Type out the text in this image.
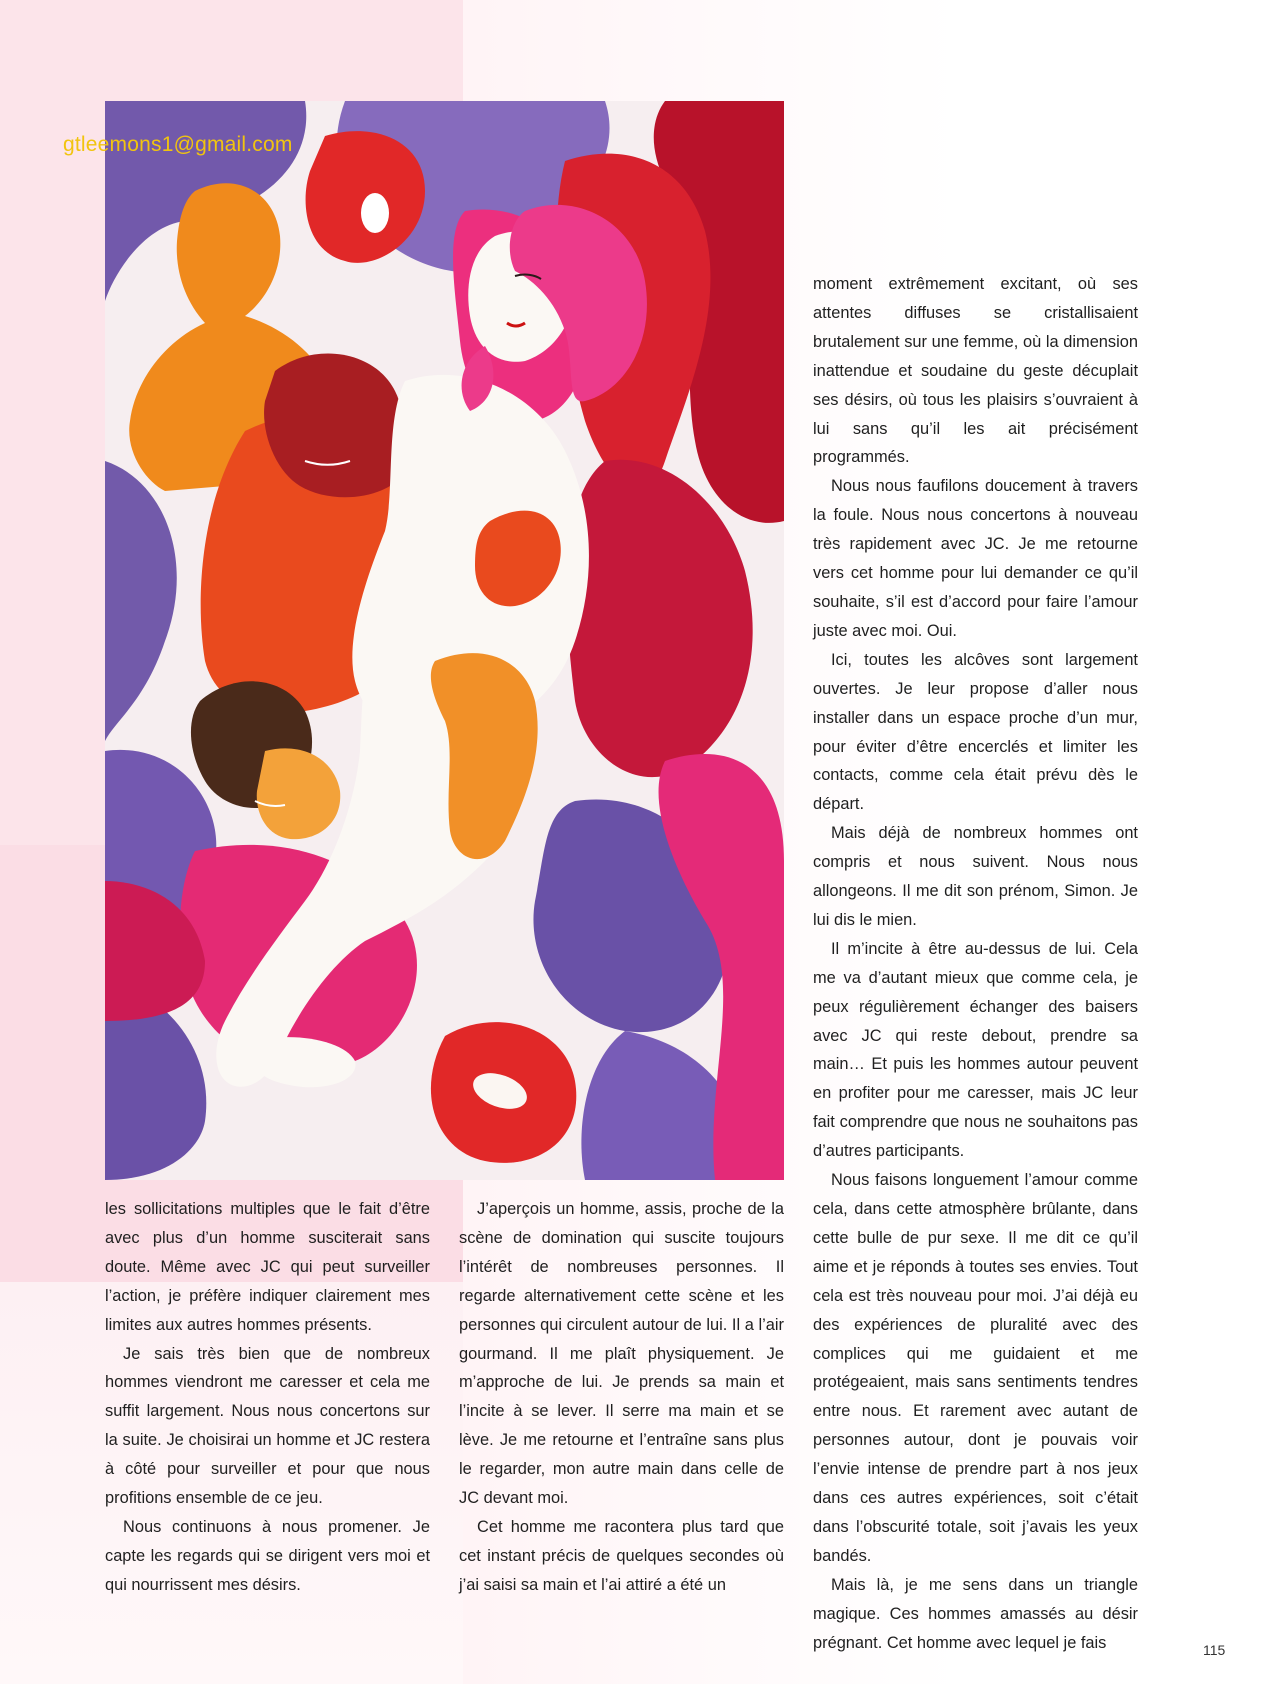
gtleemons1@gmail.com

les sollicitations multiples que le fait d’être avec plus d’un homme susciterait sans doute. Même avec JC qui peut surveiller l’action, je préfère indiquer clairement mes limites aux autres hommes présents.

Je sais très bien que de nombreux hommes viendront me caresser et cela me suffit largement. Nous nous concertons sur la suite. Je choisirai un homme et JC restera à côté pour surveiller et pour que nous profitions ensemble de ce jeu.

Nous continuons à nous promener. Je capte les regards qui se dirigent vers moi et qui nourrissent mes désirs.

J’aperçois un homme, assis, proche de la scène de domination qui suscite toujours l’intérêt de nombreuses personnes. Il regarde alternativement cette scène et les personnes qui circulent autour de lui. Il a l’air gourmand. Il me plaît physiquement. Je m’approche de lui. Je prends sa main et l’incite à se lever. Il serre ma main et se lève. Je me retourne et l’entraîne sans plus le regarder, mon autre main dans celle de JC devant moi.

Cet homme me racontera plus tard que cet instant précis de quelques secondes où j’ai saisi sa main et l’ai attiré a été un

moment extrêmement excitant, où ses attentes diffuses se cristallisaient brutalement sur une femme, où la dimension inattendue et soudaine du geste décuplait ses désirs, où tous les plaisirs s’ouvraient à lui sans qu’il les ait précisément programmés.

Nous nous faufilons doucement à travers la foule. Nous nous concertons à nouveau très rapidement avec JC. Je me retourne vers cet homme pour lui demander ce qu’il souhaite, s’il est d’accord pour faire l’amour juste avec moi. Oui.

Ici, toutes les alcôves sont largement ouvertes. Je leur propose d’aller nous installer dans un espace proche d’un mur, pour éviter d’être encerclés et limiter les contacts, comme cela était prévu dès le départ.

Mais déjà de nombreux hommes ont compris et nous suivent. Nous nous allongeons. Il me dit son prénom, Simon. Je lui dis le mien.

Il m’incite à être au-dessus de lui. Cela me va d’autant mieux que comme cela, je peux régulièrement échanger des baisers avec JC qui reste debout, prendre sa main… Et puis les hommes autour peuvent en profiter pour me caresser, mais JC leur fait comprendre que nous ne souhaitons pas d’autres participants.

Nous faisons longuement l’amour comme cela, dans cette atmosphère brûlante, dans cette bulle de pur sexe. Il me dit ce qu’il aime et je réponds à toutes ses envies. Tout cela est très nouveau pour moi. J’ai déjà eu des expériences de pluralité avec des complices qui me guidaient et me protégeaient, mais sans sentiments tendres entre nous. Et rarement avec autant de personnes autour, dont je pouvais voir l’envie intense de prendre part à nos jeux dans ces autres expériences, soit c’était dans l’obscurité totale, soit j’avais les yeux bandés.

Mais là, je me sens dans un triangle magique. Ces hommes amassés au désir prégnant. Cet homme avec lequel je fais	115
